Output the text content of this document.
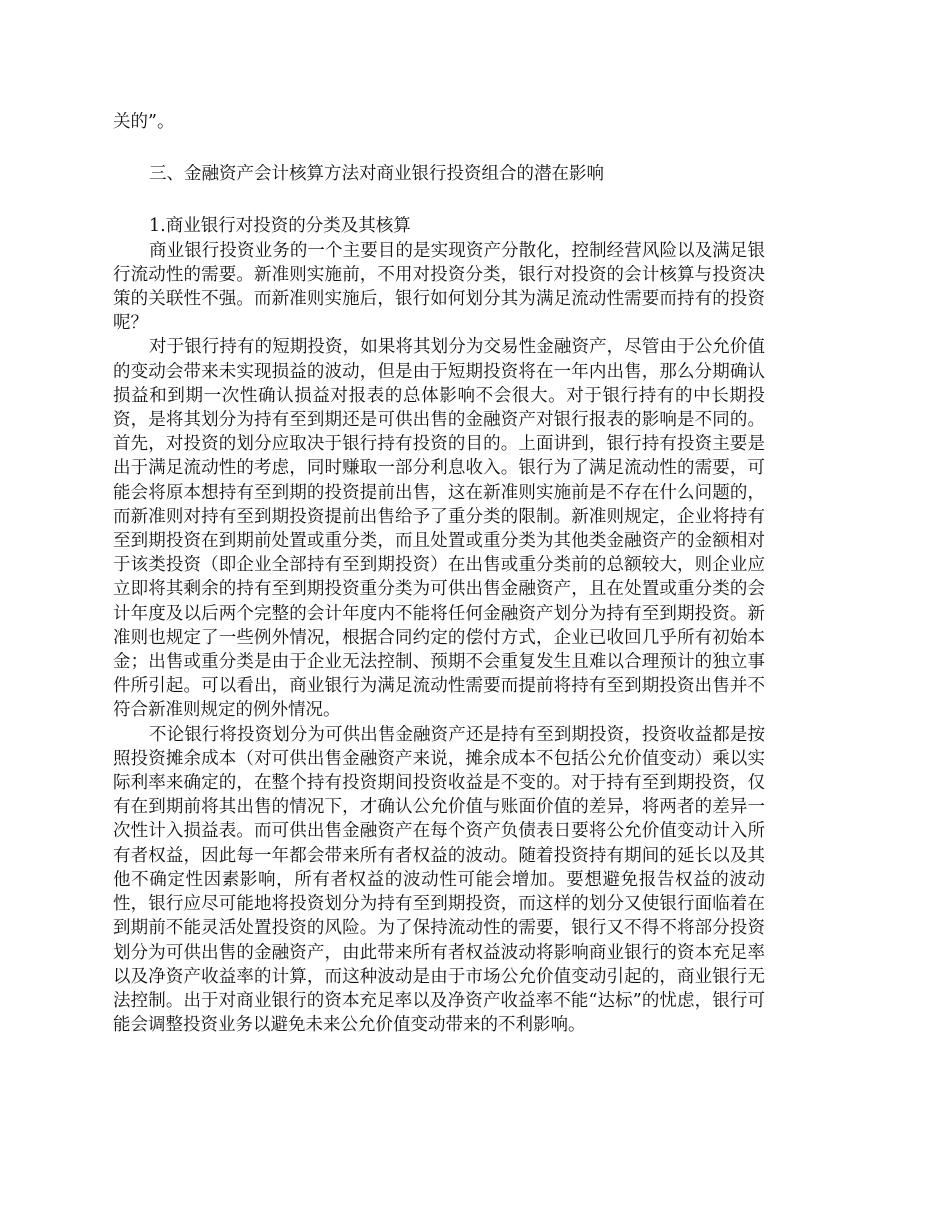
关的”。

三、金融资产会计核算方法对商业银行投资组合的潜在影响

1.商业银行对投资的分类及其核算

商业银行投资业务的一个主要目的是实现资产分散化，控制经营风险以及满足银行流动性的需要。新准则实施前，不用对投资分类，银行对投资的会计核算与投资决策的关联性不强。而新准则实施后，银行如何划分其为满足流动性需要而持有的投资呢？

对于银行持有的短期投资，如果将其划分为交易性金融资产，尽管由于公允价值的变动会带来未实现损益的波动，但是由于短期投资将在一年内出售，那么分期确认损益和到期一次性确认损益对报表的总体影响不会很大。对于银行持有的中长期投资，是将其划分为持有至到期还是可供出售的金融资产对银行报表的影响是不同的。首先，对投资的划分应取决于银行持有投资的目的。上面讲到，银行持有投资主要是出于满足流动性的考虑，同时赚取一部分利息收入。银行为了满足流动性的需要，可能会将原本想持有至到期的投资提前出售，这在新准则实施前是不存在什么问题的，而新准则对持有至到期投资提前出售给予了重分类的限制。新准则规定，企业将持有至到期投资在到期前处置或重分类，而且处置或重分类为其他类金融资产的金额相对于该类投资（即企业全部持有至到期投资）在出售或重分类前的总额较大，则企业应立即将其剩余的持有至到期投资重分类为可供出售金融资产，且在处置或重分类的会计年度及以后两个完整的会计年度内不能将任何金融资产划分为持有至到期投资。新准则也规定了一些例外情况，根据合同约定的偿付方式，企业已收回几乎所有初始本金；出售或重分类是由于企业无法控制、预期不会重复发生且难以合理预计的独立事件所引起。可以看出，商业银行为满足流动性需要而提前将持有至到期投资出售并不符合新准则规定的例外情况。

不论银行将投资划分为可供出售金融资产还是持有至到期投资，投资收益都是按照投资摊余成本（对可供出售金融资产来说，摊余成本不包括公允价值变动）乘以实际利率来确定的，在整个持有投资期间投资收益是不变的。对于持有至到期投资，仅有在到期前将其出售的情况下，才确认公允价值与账面价值的差异，将两者的差异一次性计入损益表。而可供出售金融资产在每个资产负债表日要将公允价值变动计入所有者权益，因此每一年都会带来所有者权益的波动。随着投资持有期间的延长以及其他不确定性因素影响，所有者权益的波动性可能会增加。要想避免报告权益的波动性，银行应尽可能地将投资划分为持有至到期投资，而这样的划分又使银行面临着在到期前不能灵活处置投资的风险。为了保持流动性的需要，银行又不得不将部分投资划分为可供出售的金融资产，由此带来所有者权益波动将影响商业银行的资本充足率以及净资产收益率的计算，而这种波动是由于市场公允价值变动引起的，商业银行无法控制。出于对商业银行的资本充足率以及净资产收益率不能“达标”的忧虑，银行可能会调整投资业务以避免未来公允价值变动带来的不利影响。
